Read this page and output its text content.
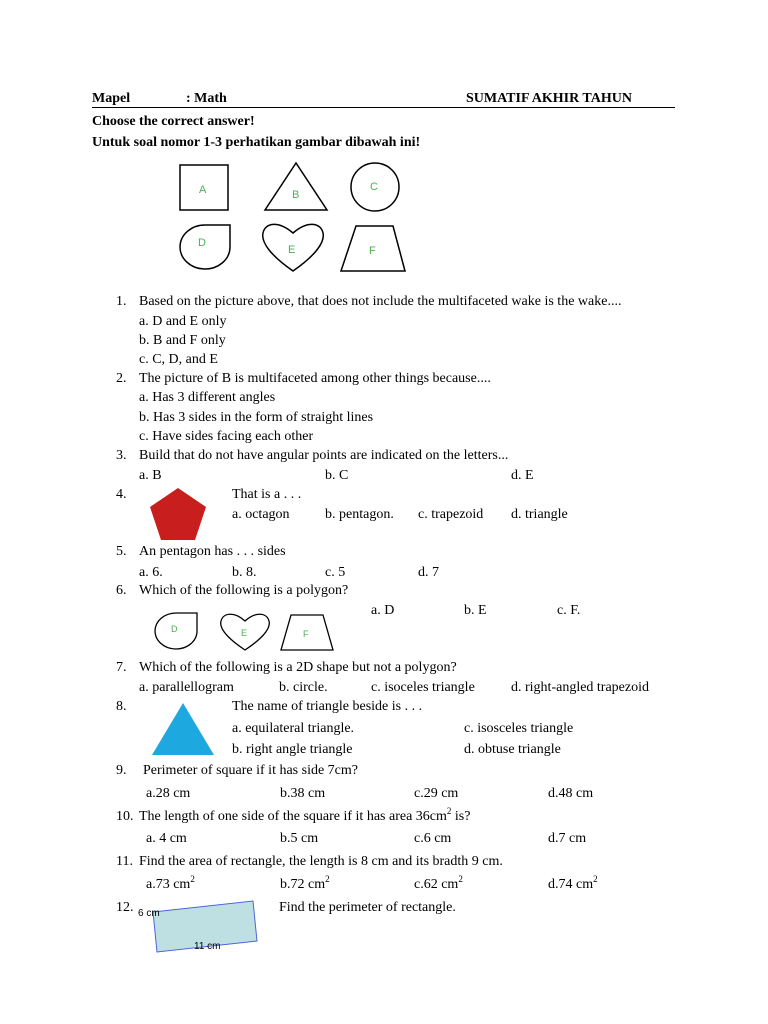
Mapel	: Math	SUMATIF AKHIR TAHUN
Choose the correct answer!
Untuk soal nomor 1-3 perhatikan gambar dibawah ini!
A	B
C
D
E	F
1. Based on the picture above, that does not include the multifaceted wake is the wake....
a. D and E only
b. B and F only
c. C, D, and E
2. The picture of B is multifaceted among other things because....
a. Has 3 different angles
b. Has 3 sides in the form of straight lines
c. Have sides facing each other
3. Build that do not have angular points are indicated on the letters...
a. B	b. C	d. E
4.	That is a . . .
a. octagon	b. pentagon. c. trapezoid d. triangle
5. An pentagon has . . . sides
a. 6.	b. 8.	c. 5	d. 7
6. Which of the following is a polygon?
a. D	b. E	c. F.
D	E	F
7. Which of the following is a 2D shape but not a polygon?
a. parallellogram	b. circle.	c. isoceles triangle	d. right-angled trapezoid
8.	The name of triangle beside is . . .
a. equilateral triangle.	c. isosceles triangle
b. right angle triangle	d. obtuse triangle
9. Perimeter of square if it has side 7cm?
a.28 cm	b.38 cm	c.29 cm	d.48 cm
10. The length of one side of the square if it has area $36cm^2$ is?
a. 4 cm	b.5 cm	c.6 cm	d.7 cm
11. Find the area of rectangle, the length is 8 cm and its bradth 9 cm.
a.73 $cm^2$	b.72 $cm^2$	c.62 $cm^2$	d.74 $cm^2$
12. 6 cm
11 cm
Find the perimeter of rectangle.
